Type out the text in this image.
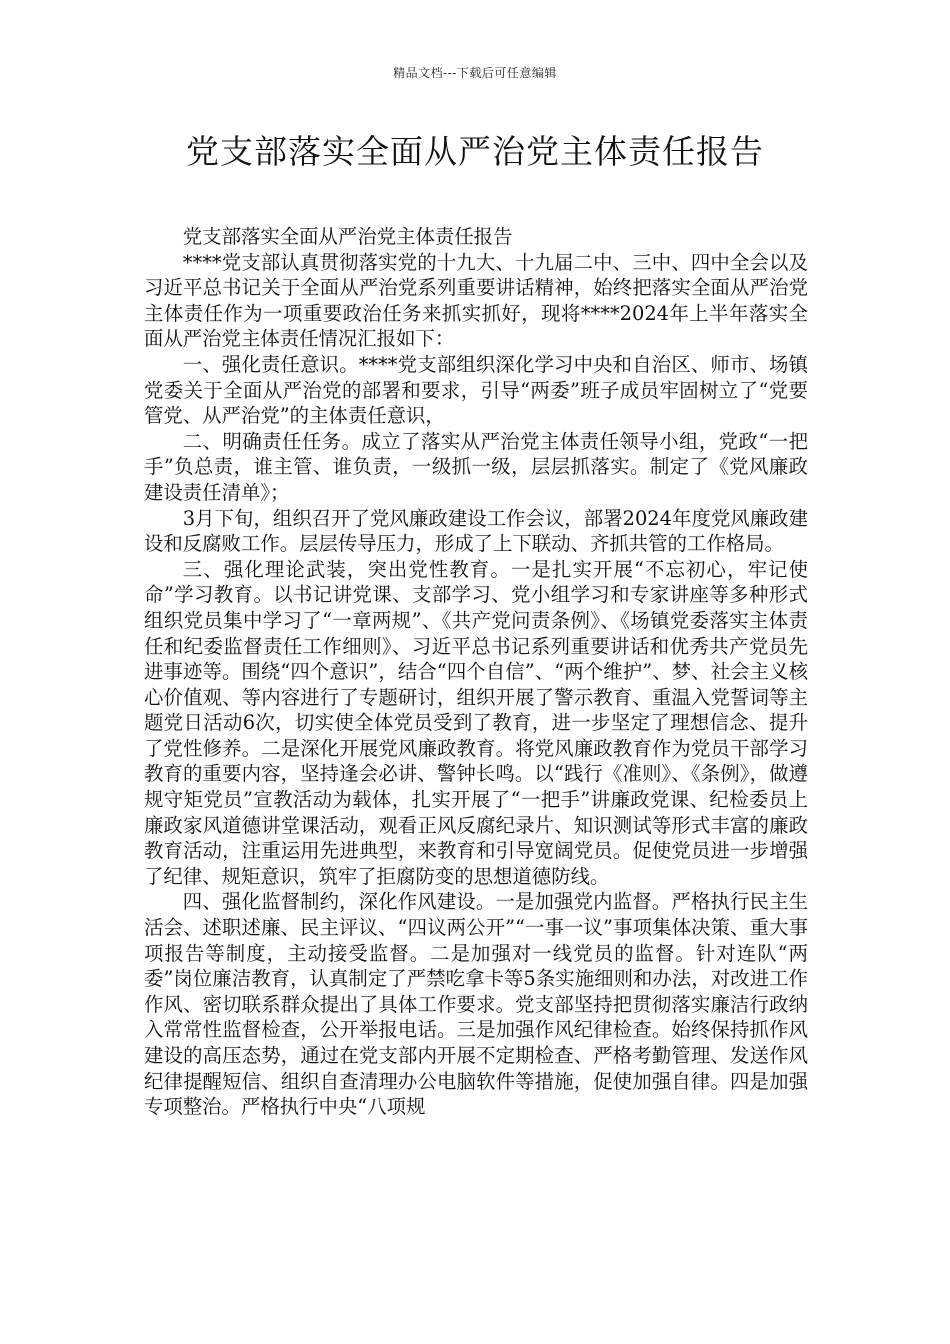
精品文档---下载后可任意编辑
党支部落实全面从严治党主体责任报告

党支部落实全面从严治党主体责任报告

****党支部认真贯彻落实党的十九大、十九届二中、三中、四中全会以及习近平总书记关于全面从严治党系列重要讲话精神，始终把落实全面从严治党主体责任作为一项重要政治任务来抓实抓好，现将****2024年上半年落实全面从严治党主体责任情况汇报如下：

一、强化责任意识。****党支部组织深化学习中央和自治区、师市、场镇党委关于全面从严治党的部署和要求，引导“两委”班子成员牢固树立了“党要管党、从严治党”的主体责任意识，

二、明确责任任务。成立了落实从严治党主体责任领导小组，党政“一把手”负总责，谁主管、谁负责，一级抓一级，层层抓落实。制定了《党风廉政建设责任清单》；

3月下旬，组织召开了党风廉政建设工作会议，部署2024年度党风廉政建设和反腐败工作。层层传导压力，形成了上下联动、齐抓共管的工作格局。

三、强化理论武装，突出党性教育。一是扎实开展“不忘初心，牢记使命”学习教育。以书记讲党课、支部学习、党小组学习和专家讲座等多种形式组织党员集中学习了“一章两规”、《共产党问责条例》、《场镇党委落实主体责任和纪委监督责任工作细则》、习近平总书记系列重要讲话和优秀共产党员先进事迹等。围绕“四个意识”，结合“四个自信”、“两个维护”、梦、社会主义核心价值观、等内容进行了专题研讨，组织开展了警示教育、重温入党誓词等主题党日活动6次，切实使全体党员受到了教育，进一步坚定了理想信念、提升了党性修养。二是深化开展党风廉政教育。将党风廉政教育作为党员干部学习教育的重要内容，坚持逢会必讲、警钟长鸣。以“践行《准则》、《条例》，做遵规守矩党员”宣教活动为载体，扎实开展了“一把手”讲廉政党课、纪检委员上廉政家风道德讲堂课活动，观看正风反腐纪录片、知识测试等形式丰富的廉政教育活动，注重运用先进典型，来教育和引导宽阔党员。促使党员进一步增强了纪律、规矩意识，筑牢了拒腐防变的思想道德防线。

四、强化监督制约，深化作风建设。一是加强党内监督。严格执行民主生活会、述职述廉、民主评议、“四议两公开”“一事一议”事项集体决策、重大事项报告等制度，主动接受监督。二是加强对一线党员的监督。针对连队“两委”岗位廉洁教育，认真制定了严禁吃拿卡等5条实施细则和办法，对改进工作作风、密切联系群众提出了具体工作要求。党支部坚持把贯彻落实廉洁行政纳入常常性监督检查，公开举报电话。三是加强作风纪律检查。始终保持抓作风建设的高压态势，通过在党支部内开展不定期检查、严格考勤管理、发送作风纪律提醒短信、组织自查清理办公电脑软件等措施，促使加强自律。四是加强专项整治。严格执行中央“八项规
